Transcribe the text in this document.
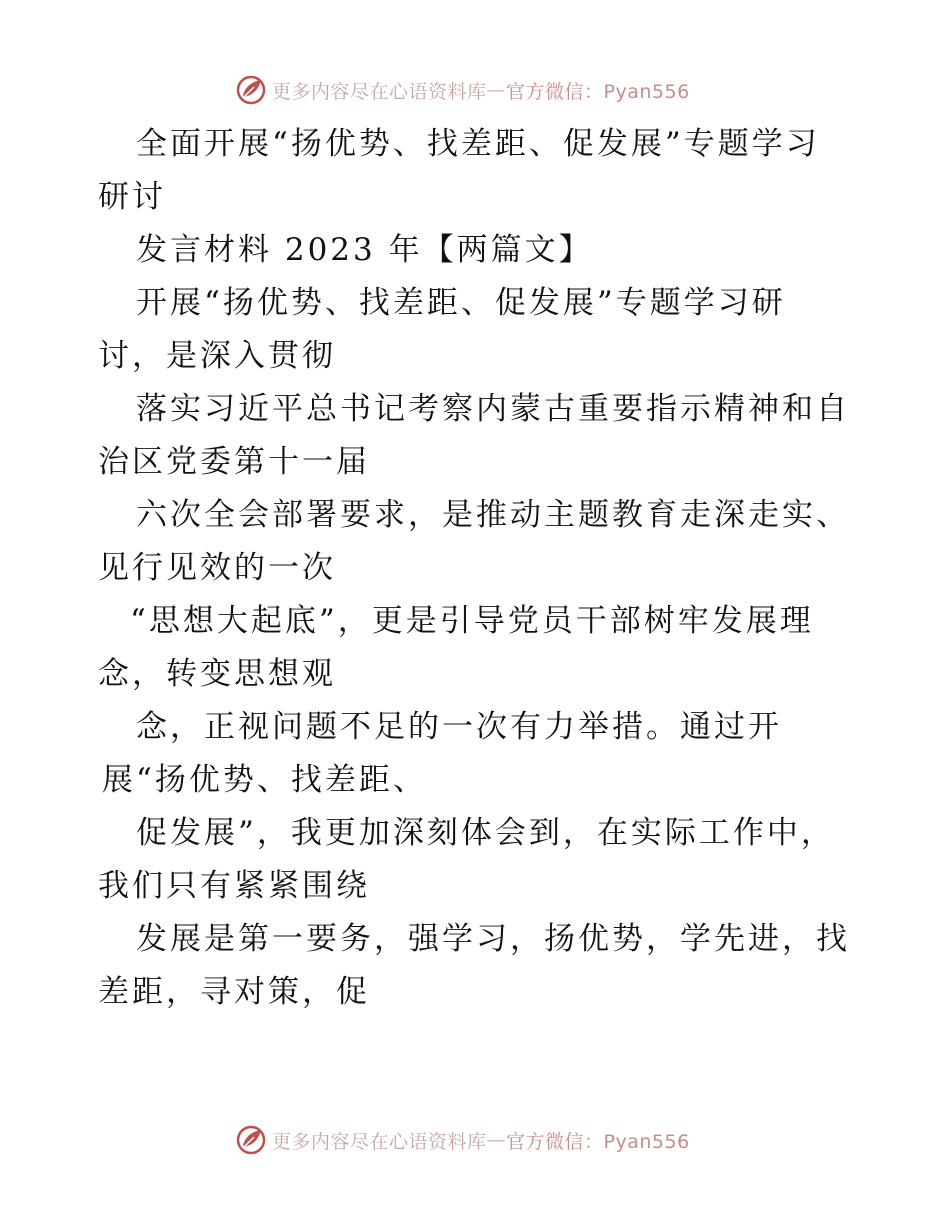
更多内容尽在心语资料库 — 官方微信：Pyan556
全面开展“扬优势、找差距、促发展”专题学习
研讨
发言材料 2023 年【两篇文】
开展“扬优势、找差距、促发展”专题学习研
讨，是深入贯彻
落实习近平总书记考察内蒙古重要指示精神和自
治区党委第十一届
六次全会部署要求，是推动主题教育走深走实、
见行见效的一次
“思想大起底”，更是引导党员干部树牢发展理
念，转变思想观
念，正视问题不足的一次有力举措。通过开
展“扬优势、找差距、
促发展”，我更加深刻体会到，在实际工作中，
我们只有紧紧围绕
发展是第一要务，强学习，扬优势，学先进，找
差距，寻对策，促
更多内容尽在心语资料库 — 官方微信：Pyan556
